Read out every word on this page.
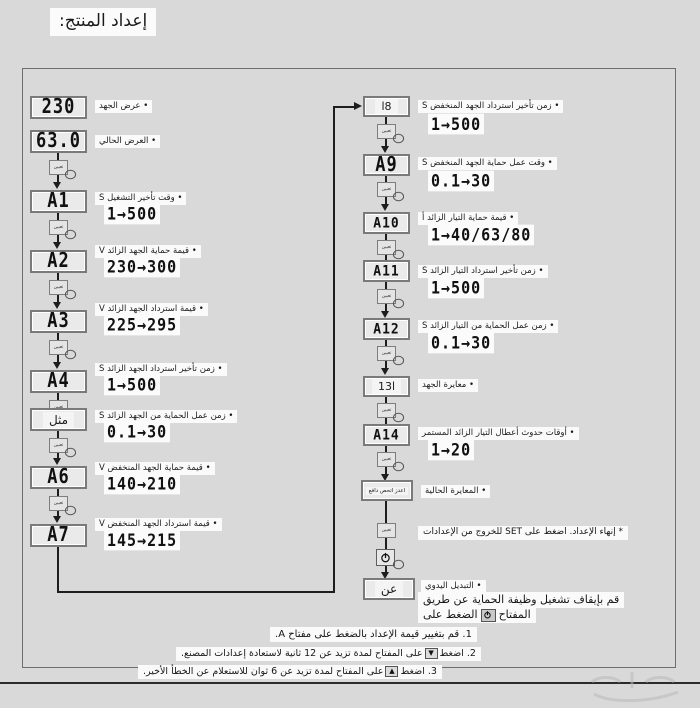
إعداد المنتج:
230	• عرض الجهد
63.0	• العرض الحالي
تعيين
A1	• وقت تأخير التشغيل S
1→500
تعيين
A2	• قيمة حماية الجهد الزائد V
230→300
تعيين
A3
• قيمة استرداد الجهد الزائد V
225→295
تعيين
A4
• زمن تأخير استرداد الجهد الزائد S
1→500
مثل	• زمن عمل الحماية من الجهد الزائد S
0.1→30
تعيين
A6	• قيمة حماية الجهد المنخفض V
140→210
تعيين
A7	• قيمة استرداد الجهد المنخفض V
145→215
8ا	• زمن تأخير استرداد الجهد المنخفض S
1→500
تعيين
A9	• وقت عمل حماية الجهد المنخفض S
0.1→30
تعيين
A10	• قيمة حماية التيار الزائد أ
1→40/63/80
تعيين
A11	• زمن تأخير استرداد التيار الزائد S
1→500
تعيين
A12	• زمن عمل الحماية من التيار الزائد S
0.1→30
تعيين
ا13	• معايرة الجهد
تعيين
A14	• أوقات حدوث أعطال التيار الزائد المستمر
1→20
تعيين
اعدز اتحص دافع	• المعايرة الحالية
تعيين	* إنهاء الإعداد. اضغط على SET للخروج من الإعدادات
عن	• التبديل اليدوي
قم بإيقاف تشغيل وظيفة الحماية عن طريق
المفتاح
الضغط على
1. قم بتغيير قيمة الإعداد بالضغط على مفتاح A.
2. اضغط▼على المفتاح لمدة تزيد عن 12 ثانية لاستعادة إعدادات المصنع.
3. اضغط▲على المفتاح لمدة تزيد عن 6 ثوان للاستعلام عن الخطأ الأخير.
